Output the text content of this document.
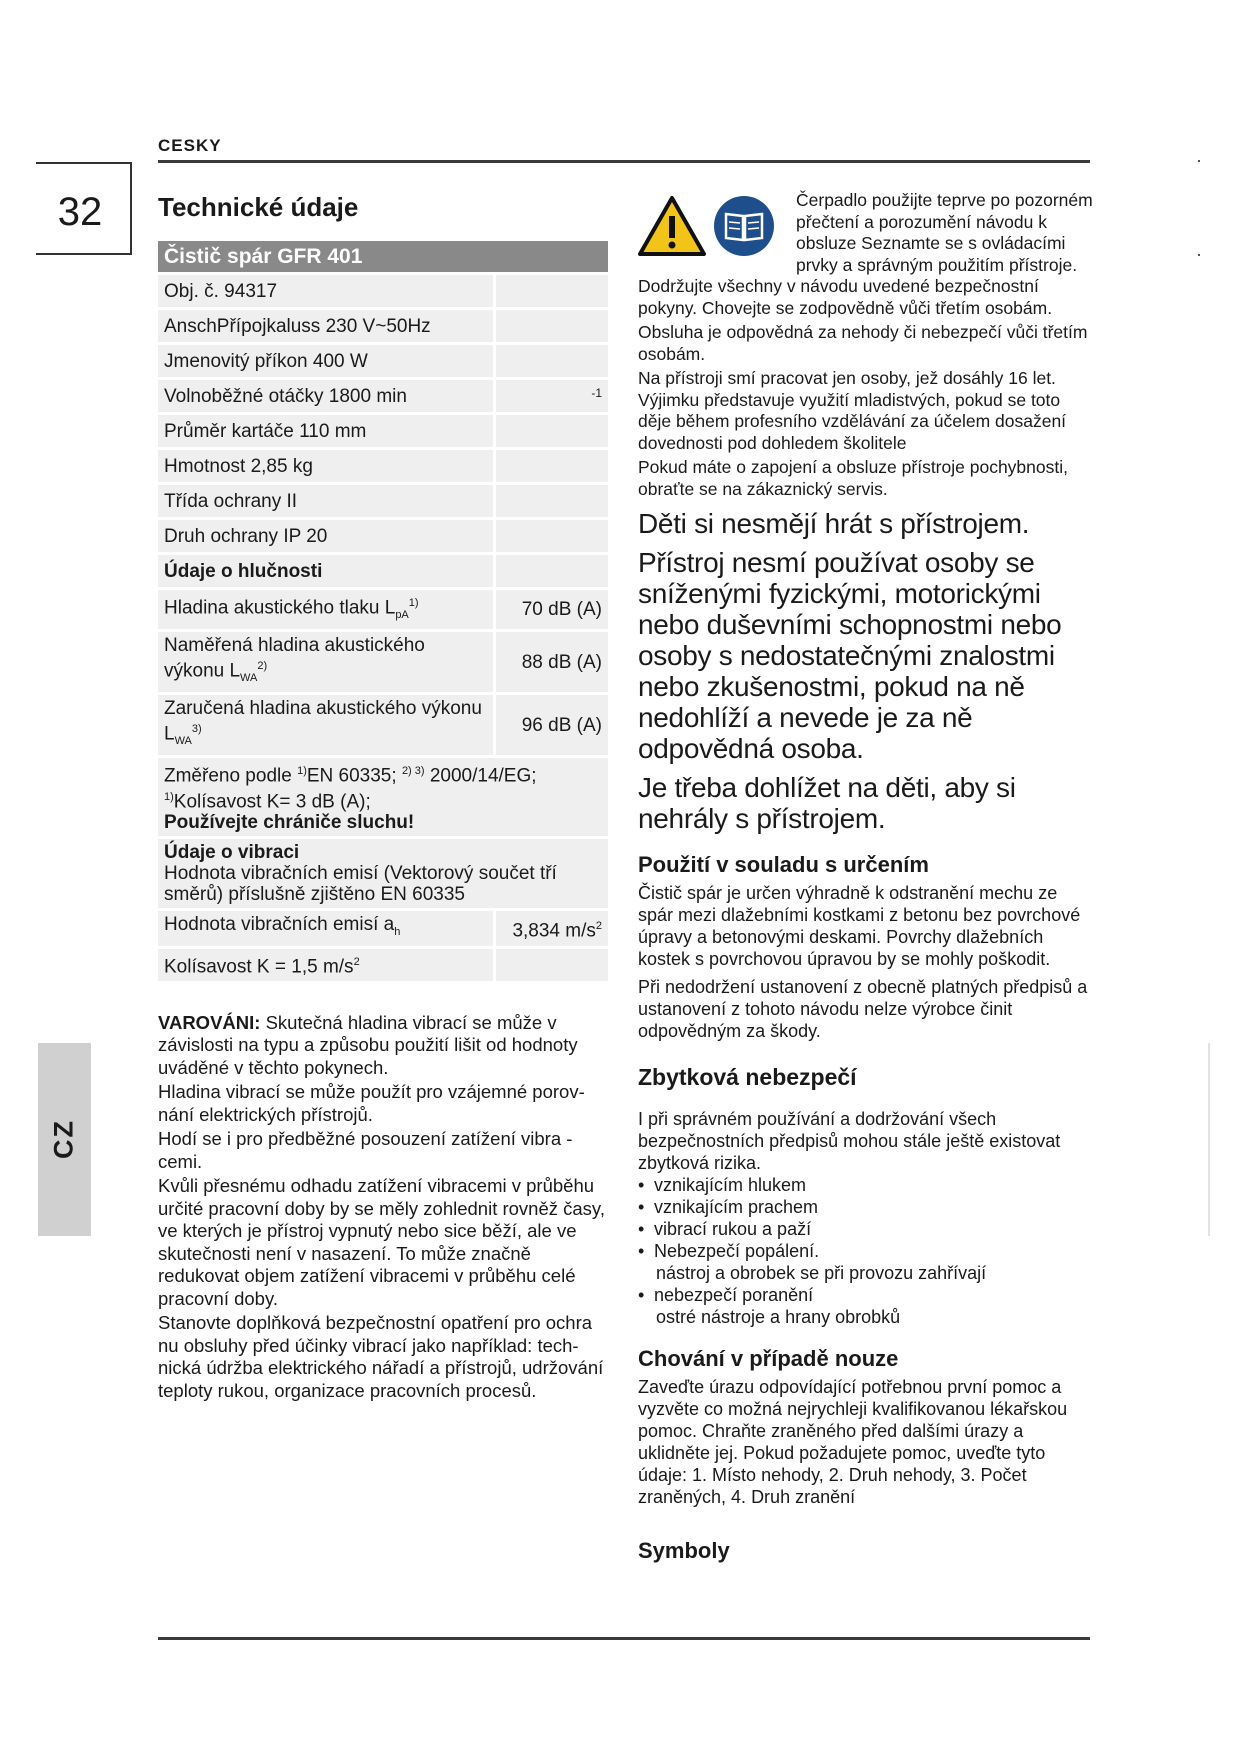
CESKY
32
CZ
Technické údaje
Čistič spár GFR 401	
Obj. č. 94317	
AnschPřípojkaluss 230 V~50Hz	
Jmenovitý příkon 400 W	
Volnoběžné otáčky 1800 min	-1
Průměr kartáče 110 mm	
Hmotnost 2,85 kg	
Třída ochrany II	
Druh ochrany IP 20	
Údaje o hlučnosti	
Hladina akustického tlaku $L_{pA}^{1)}$	70 dB (A)
Naměřená hladina akustického výkonu $L_{WA}^{2)}$	88 dB (A)
Zaručená hladina akustického výkonu $L_{WA}^{3)}$	96 dB (A)
Změřeno podle $^{1)}$EN 60335; $^{2) 3)}$ 2000/14/EG;
$^{1)}$Kolísavost K= 3 dB (A);
Používejte chrániče sluchu!	
Údaje o vibraci
Hodnota vibračních emisí (Vektorový součet tří směrů) příslušně zjištěno EN 60335	
Hodnota vibračních emisí $a_h$	3,834 $m/s^2$
Kolísavost K = 1,5 $m/s^2$	

VAROVÁNI: Skutečná hladina vibrací se může v závislosti na typu a způsobu použití lišit od hodnoty uváděné v těchto pokynech.

Hladina vibrací se může použít pro vzájemné porov-nání elektrických přístrojů.

Hodí se i pro předběžné posouzení zatížení vibra - cemi.

Kvůli přesnému odhadu zatížení vibracemi v průběhu určité pracovní doby by se měly zohlednit rovněž časy, ve kterých je přístroj vypnutý nebo sice běží, ale ve skutečnosti není v nasazení. To může značně redukovat objem zatížení vibracemi v průběhu celé pracovní doby.

Stanovte doplňková bezpečnostní opatření pro ochra nu obsluhy před účinky vibrací jako například: tech-nická údržba elektrického nářadí a přístrojů, udržování teploty rukou, organizace pracovních procesů.

Čerpadlo použijte teprve po pozorném přečtení a porozumění návodu k obsluze Seznamte se s ovládacími prvky a správným použitím přístroje. Dodržujte všechny v návodu uvedené bezpečnostní pokyny. Chovejte se zodpovědně vůči třetím osobám.

Obsluha je odpovědná za nehody či nebezpečí vůči třetím osobám.

Na přístroji smí pracovat jen osoby, jež dosáhly 16 let. Výjimku představuje využití mladistvých, pokud se toto děje během profesního vzdělávání za účelem dosažení dovednosti pod dohledem školitele

Pokud máte o zapojení a obsluze přístroje pochybnosti, obraťte se na zákaznický servis.

Děti si nesmějí hrát s přístrojem.

Přístroj nesmí používat osoby se sníženými fyzickými, motorickými nebo duševními schopnostmi nebo osoby s nedostatečnými znalostmi nebo zkušenostmi, pokud na ně nedohlíží a nevede je za ně odpovědná osoba.

Je třeba dohlížet na děti, aby si nehrály s přístrojem.

Použití v souladu s určením

Čistič spár je určen výhradně k odstranění mechu ze spár mezi dlažebními kostkami z betonu bez povrchové úpravy a betonovými deskami. Povrchy dlažebních kostek s povrchovou úpravou by se mohly poškodit.

Při nedodržení ustanovení z obecně platných předpisů a ustanovení z tohoto návodu nelze výrobce činit odpovědným za škody.

Zbytková nebezpečí

I při správném používání a dodržování všech bezpečnostních předpisů mohou stále ještě existovat zbytková rizika.

• vznikajícím hlukem
• vznikajícím prachem
• vibrací rukou a paží
• Nebezpečí popálení.
nástroj a obrobek se při provozu zahřívají
• nebezpečí poranění
ostré nástroje a hrany obrobků
Chování v případě nouze

Zaveďte úrazu odpovídající potřebnou první pomoc a vyzvěte co možná nejrychleji kvalifikovanou lékařskou pomoc. Chraňte zraněného před dalšími úrazy a uklidněte jej. Pokud požadujete pomoc, uveďte tyto údaje: 1. Místo nehody, 2. Druh nehody, 3. Počet zraněných, 4. Druh zranění

Symboly
